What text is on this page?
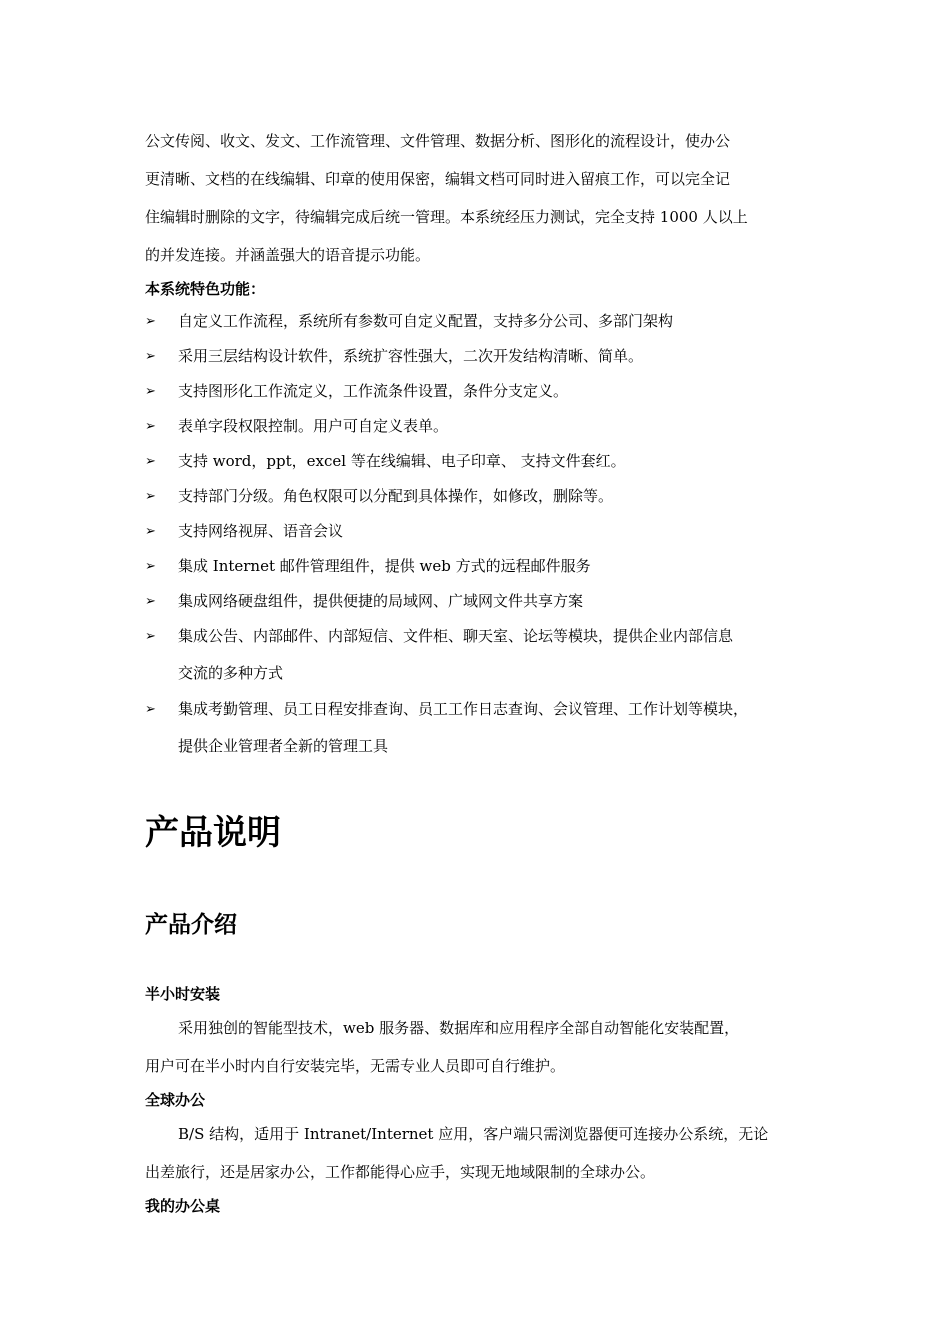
公文传阅、收文、发文、工作流管理、文件管理、数据分析、图形化的流程设计，使办公

更清晰、文档的在线编辑、印章的使用保密，编辑文档可同时进入留痕工作，可以完全记

住编辑时删除的文字，待编辑完成后统一管理。本系统经压力测试，完全支持 1000 人以上

的并发连接。并涵盖强大的语音提示功能。

本系统特色功能：

➢ 自定义工作流程，系统所有参数可自定义配置，支持多分公司、多部门架构
➢ 采用三层结构设计软件，系统扩容性强大，二次开发结构清晰、简单。
➢ 支持图形化工作流定义，工作流条件设置，条件分支定义。
➢ 表单字段权限控制。用户可自定义表单。
➢ 支持 word，ppt，excel 等在线编辑、电子印章、 支持文件套红。
➢ 支持部门分级。角色权限可以分配到具体操作，如修改，删除等。
➢ 支持网络视屏、语音会议
➢ 集成 Internet 邮件管理组件，提供 web 方式的远程邮件服务
➢ 集成网络硬盘组件，提供便捷的局域网、广域网文件共享方案
➢ 集成公告、内部邮件、内部短信、文件柜、聊天室、论坛等模块，提供企业内部信息
交流的多种方式
➢ 集成考勤管理、员工日程安排查询、员工工作日志查询、会议管理、工作计划等模块，
提供企业管理者全新的管理工具
产品说明
产品介绍

半小时安装

采用独创的智能型技术，web 服务器、数据库和应用程序全部自动智能化安装配置，

用户可在半小时内自行安装完毕，无需专业人员即可自行维护。

全球办公

B/S 结构，适用于 Intranet/Internet 应用，客户端只需浏览器便可连接办公系统，无论

出差旅行，还是居家办公，工作都能得心应手，实现无地域限制的全球办公。

我的办公桌
